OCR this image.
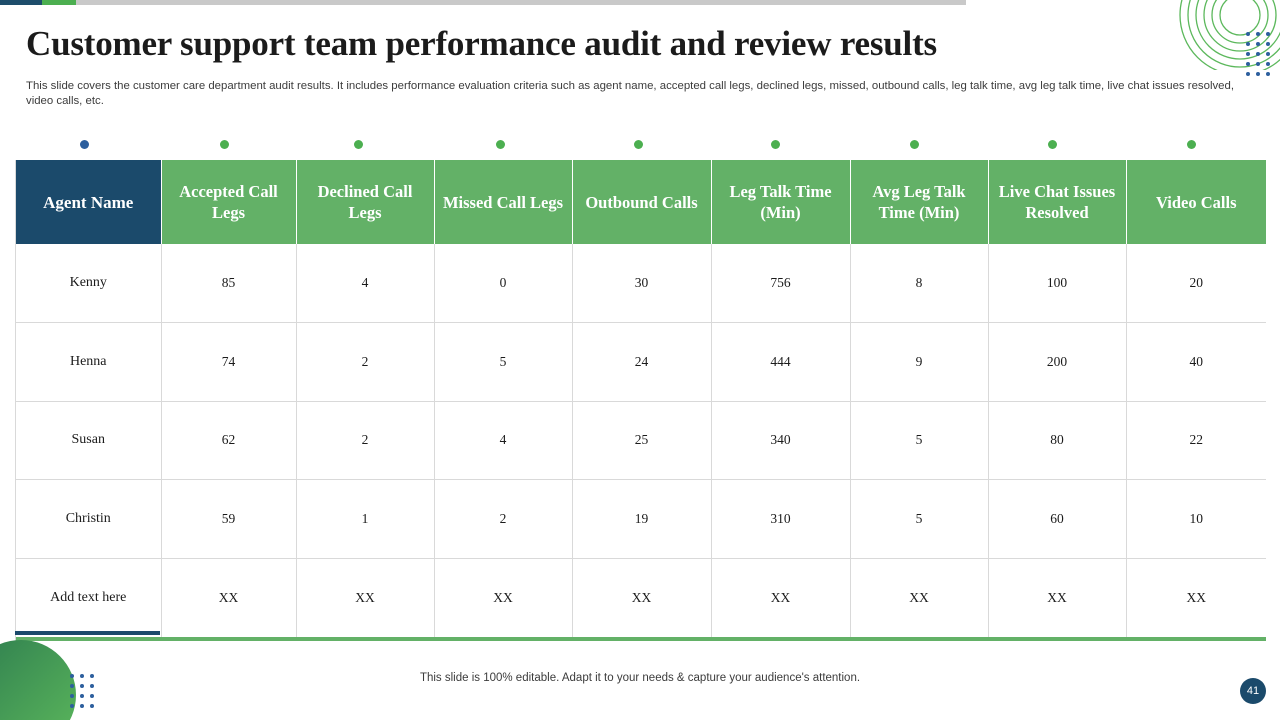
Customer support team performance audit and review results

This slide covers the customer care department audit results. It includes performance evaluation criteria such as agent name, accepted call legs, declined legs, missed, outbound calls, leg talk time, avg leg talk time, live chat issues resolved, video calls, etc.

Agent Name	Accepted Call Legs	Declined Call Legs	Missed Call Legs	Outbound Calls	Leg Talk Time (Min)	Avg Leg Talk Time (Min)	Live Chat Issues Resolved	Video Calls
Kenny	85	4	0	30	756	8	100	20
Henna	74	2	5	24	444	9	200	40
Susan	62	2	4	25	340	5	80	22
Christin	59	1	2	19	310	5	60	10
Add text here	XX	XX	XX	XX	XX	XX	XX	XX
This slide is 100% editable. Adapt it to your needs & capture your audience's attention.
41
